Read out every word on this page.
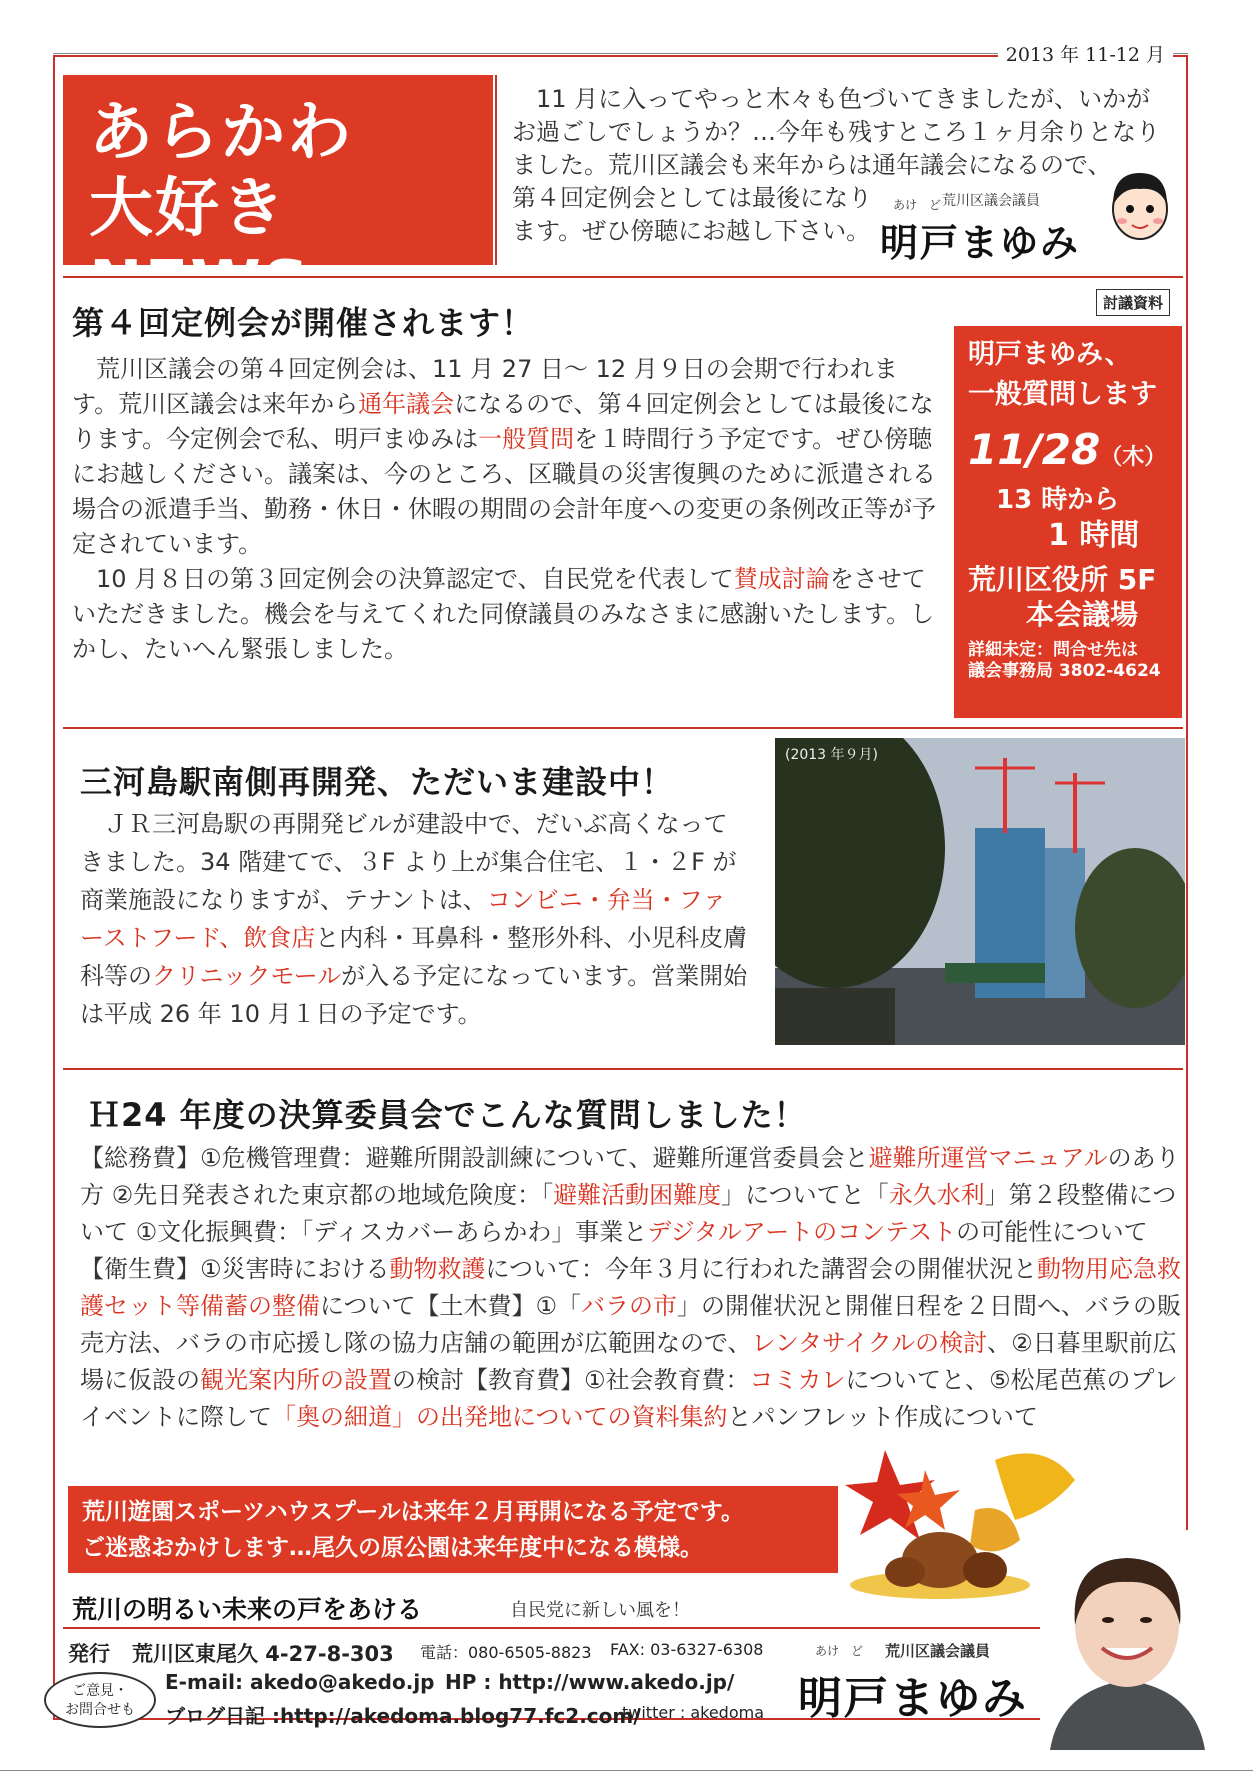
2013 年 11-12 月
あらかわ
大好き NEWS
11 月に入ってやっと木々も色づいてきましたが、いかが
お過ごしでしょうか？…今年も残すところ１ヶ月余りとなり
ました。荒川区議会も来年からは通年議会になるので、
第４回定例会としては最後になり
ます。ぜひ傍聴にお越し下さい。
あけ　ど 荒川区議会議員
明戸まゆみ
第４回定例会が開催されます！
討議資料

　荒川区議会の第４回定例会は、11 月 27 日～ 12 月９日の会期で行われます。荒川区議会は来年から通年議会になるので、第４回定例会としては最後になります。今定例会で私、明戸まゆみは一般質問を１時間行う予定です。ぜひ傍聴にお越しください。議案は、今のところ、区職員の災害復興のために派遣される場合の派遣手当、勤務・休日・休暇の期間の会計年度への変更の条例改正等が予定されています。

　10 月８日の第３回定例会の決算認定で、自民党を代表して賛成討論をさせていただきました。機会を与えてくれた同僚議員のみなさまに感謝いたします。しかし、たいへん緊張しました。

明戸まゆみ、
一般質問します
11/28（木）
13 時から
1 時間
荒川区役所 5F
本会議場
詳細未定：問合せ先は
議会事務局 3802-4624
三河島駅南側再開発、ただいま建設中！
　ＪＲ三河島駅の再開発ビルが建設中で、だいぶ高くなってきました。34 階建てで、３F より上が集合住宅、１・２F が商業施設になりますが、テナントは、コンビニ・弁当・ファーストフード、飲食店と内科・耳鼻科・整形外科、小児科皮膚科等のクリニックモールが入る予定になっています。営業開始は平成 26 年 10 月１日の予定です。
(2013 年９月)
Ｈ24 年度の決算委員会でこんな質問しました！
【総務費】①危機管理費：避難所開設訓練について、避難所運営委員会と避難所運営マニュアルのあり方 ②先日発表された東京都の地域危険度：「避難活動困難度」についてと「永久水利」第２段整備について ①文化振興費：「ディスカバーあらかわ」事業とデジタルアートのコンテストの可能性について【衛生費】①災害時における動物救護について：今年３月に行われた講習会の開催状況と動物用応急救護セット等備蓄の整備について【土木費】①「バラの市」の開催状況と開催日程を２日間へ、バラの販売方法、バラの市応援し隊の協力店舗の範囲が広範囲なので、レンタサイクルの検討、②日暮里駅前広場に仮設の観光案内所の設置の検討【教育費】①社会教育費：コミカレについてと、⑤松尾芭蕉のプレイベントに際して「奥の細道」の出発地についての資料集約とパンフレット作成について
荒川遊園スポーツハウスプールは来年２月再開になる予定です。
ご迷惑おかけします…尾久の原公園は来年度中になる模様。
荒川の明るい未来の戸をあける	自民党に新しい風を！
発行 荒川区東尾久 4-27-8-303 電話：080-6505-8823 FAX: 03-6327-6308
E-mail: akedo@akedo.jp HP : http://www.akedo.jp/
ブログ日記 :http://akedoma.blog77.fc2.com/
twitter : akedoma
ご意見・
お問合せも
あけ　ど 荒川区議会議員
明戸まゆみ
